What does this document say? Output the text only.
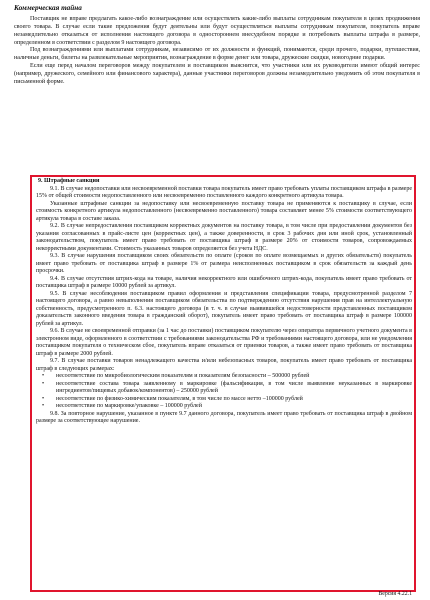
Коммерческая тайна

Поставщик не вправе предлагать какое-либо вознаграждение или осуществлять какие-либо выплаты сотрудникам покупателя в целях продвижения своего товара. В случае если такие предложения будут деятельны или будут осуществляться выплаты сотрудникам покупателя, покупатель вправе незамедлительно отказаться от исполнения настоящего договора в одностороннем внесудебном порядке и потребовать выплаты штрафа в размере, определенном в соответствии с разделом 9 настоящего договора.

Под вознаграждениями или выплатами сотрудникам, независимо от их должности и функций, понимаются, среди прочего, подарки, путешествия, наличные деньги, билеты на развлекательные мероприятия, вознаграждение в форме денег или товара, дружеские скидки, новогодние подарки.

Если еще перед началом переговоров между покупателем и поставщиком выяснится, что участники или их руководители имеют общий интерес (например, дружеского, семейного или финансового характера), данные участники переговоров должны незамедлительно уведомить об этом покупателя в письменной форме.

9. Штрафные санкции

9.1. В случае недопоставки или несвоевременной поставки товара покупатель имеет право требовать уплаты поставщиком штрафа в размере 15% от общей стоимости недопоставленного или несвоевременно поставленного каждого конкретного артикула товара.

Указанные штрафные санкции за недопоставку или несвоевременную поставку товара не применяются к поставщику в случае, если стоимость конкретного артикула недопоставленного (несвоевременно поставленного) товара составляет менее 5% стоимости соответствующего артикула товара в составе заказа.

9.2. В случае непредоставления поставщиком корректных документов на поставку товара, в том числе при предоставлении документов без указания согласованных в прайс-листе цен (корректных цен), а также доверенности, в срок 3 рабочих дня или иной срок, установленный законодательством, покупатель имеет право требовать от поставщика штраф в размере 20% от стоимости товаров, сопровождаемых некорректными документами. Стоимость указанных товаров определяется без учета НДС.

9.3. В случае нарушения поставщиком своих обязательств по оплате (сроков по оплате возмещаемых и других обязательств) покупатель имеет право требовать от поставщика штраф в размере 1% от размера неисполненных поставщиком в срок обязательств за каждый день просрочки.

9.4. В случае отсутствия штрих-кода на товаре, наличия некорректного или ошибочного штрих-кода, покупатель имеет право требовать от поставщика штраф в размере 10000 рублей за артикул.

9.5. В случае несоблюдения поставщиком правил оформления и представления спецификации товара, предусмотренной разделом 7 настоящего договора, а равно невыполнения поставщиком обязательства по подтверждению отсутствия нарушения прав на интеллектуальную собственность, предусмотренного п. 6.3. настоящего договора (в т. ч. в случае выявившейся недостоверности представленных поставщиком доказательств законного введения товара в гражданский оборот), покупатель имеет право требовать от поставщика штраф в размере 100000 рублей за артикул.

9.6. В случае не своевременной отправки (за 1 час до поставки) поставщиком покупателю через оператора первичного учетного документа в электронном виде, оформленного в соответствии с требованиями законодательства РФ и требованиями настоящего договора, или не уведомления поставщиком покупателя о техническом сбое, покупатель вправе отказаться от приемки товаров, а также имеет право требовать от поставщика штраф в размере 2000 рублей.

9.7. В случае поставки товаров ненадлежащего качества и/или небезопасных товаров, покупатель имеет право требовать от поставщика штраф в следующих размерах:

• несоответствие по микробиологическим показателям и показателям безопасности – 500000 рублей
• несоответствие состава товара заявленному в маркировке (фальсификация, в том числе выявление неуказанных в маркировке ингредиентов/пищевых добавок/компонентов) – 250000 рублей
• несоответствие по физико-химическим показателям, в том числе по массе нетто –100000 рублей
• несоответствие по маркировке/упаковке – 100000 рублей

9.8. За повторное нарушение, указанное в пункте 9.7 данного договора, покупатель имеет право требовать от поставщика штраф в двойном размере за соответствующее нарушение.

Версия 4.22.1
